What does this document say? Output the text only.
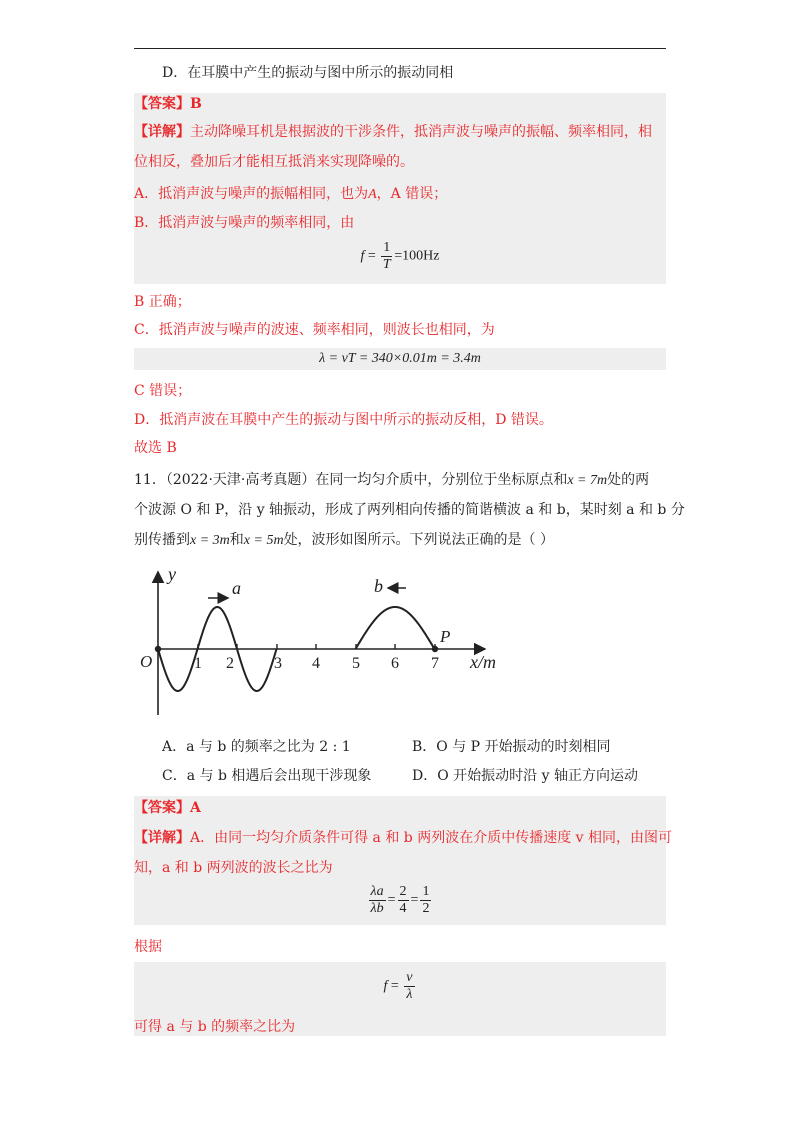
D．在耳膜中产生的振动与图中所示的振动同相
【答案】B
【详解】主动降噪耳机是根据波的干涉条件，抵消声波与噪声的振幅、频率相同，相
位相反，叠加后才能相互抵消来实现降噪的。
A．抵消声波与噪声的振幅相同，也为A，A 错误；
B．抵消声波与噪声的频率相同，由
$f = \frac{1}{T} =100Hz$
B 正确；
C．抵消声波与噪声的波速、频率相同，则波长也相同，为
λ = vT = 340×0.01m = 3.4m
C 错误；
D．抵消声波在耳膜中产生的振动与图中所示的振动反相，D 错误。
故选 B
11．（2022·天津·高考真题）在同一均匀介质中，分别位于坐标原点和x = 7m处的两
个波源 O 和 P，沿 y 轴振动，形成了两列相向传播的简谐横波 a 和 b，某时刻 a 和 b 分
别传播到x = 3m和x = 5m处，波形如图所示。下列说法正确的是（ ）
y
O	x/m
P
a	b
1 2	3 4 5 6 7
A．a 与 b 的频率之比为 2 : 1	B．O 与 P 开始振动的时刻相同
C．a 与 b 相遇后会出现干涉现象	D．O 开始振动时沿 y 轴正方向运动
【答案】A
【详解】A．由同一均匀介质条件可得 a 和 b 两列波在介质中传播速度 v 相同，由图可
知，a 和 b 两列波的波长之比为
$\frac{\lambda a}{\lambda b} = \frac{2}{4} = \frac{1}{2}$
根据
$f = \frac{v}{\lambda}$
可得 a 与 b 的频率之比为
